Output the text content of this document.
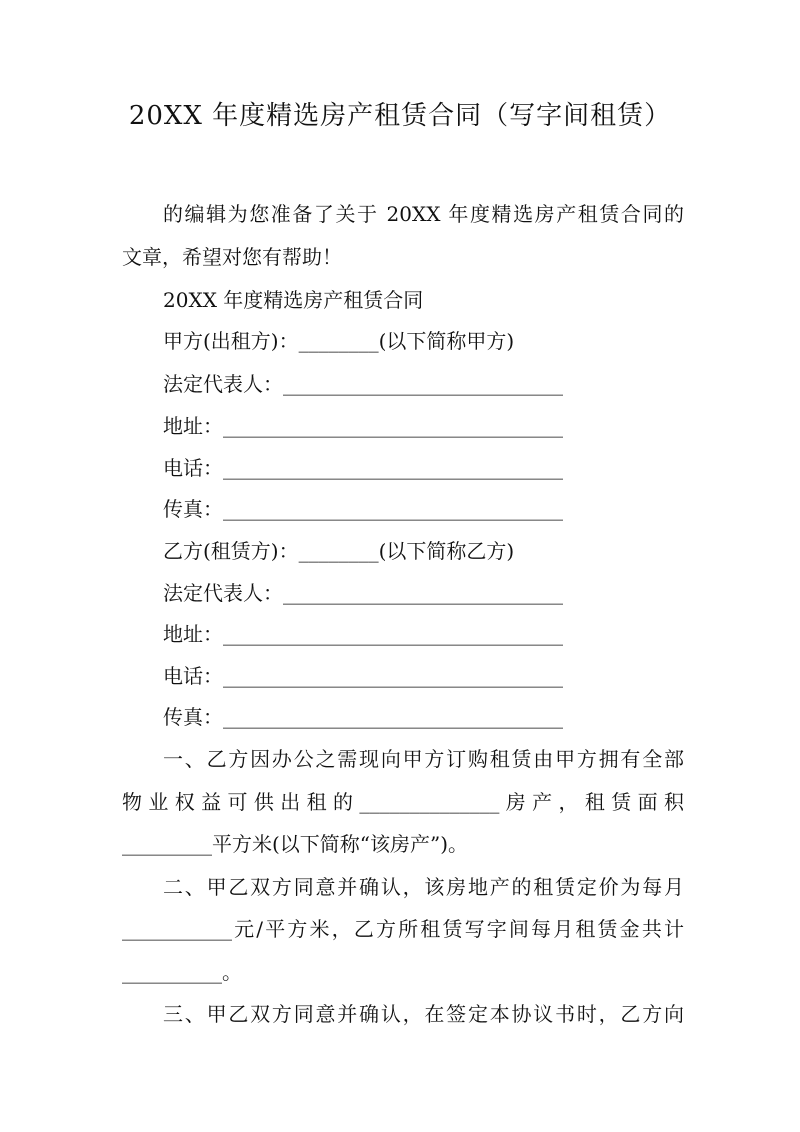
20XX 年度精选房产租赁合同（写字间租赁）

的编辑为您准备了关于 20XX 年度精选房产租赁合同的

文章，希望对您有帮助！

20XX 年度精选房产租赁合同

甲方(出租方)：________(以下简称甲方)

法定代表人：____________________________

地址：__________________________________

电话：__________________________________

传真：__________________________________

乙方(租赁方)：________(以下简称乙方)

法定代表人：____________________________

地址：__________________________________

电话：__________________________________

传真：__________________________________

一、乙方因办公之需现向甲方订购租赁由甲方拥有全部

物业权益可供出租的______________房产，租赁面积

_________平方米(以下简称“该房产”)。

二、甲乙双方同意并确认，该房地产的租赁定价为每月

___________元/平方米，乙方所租赁写字间每月租赁金共计

__________。

三、甲乙双方同意并确认，在签定本协议书时，乙方向
